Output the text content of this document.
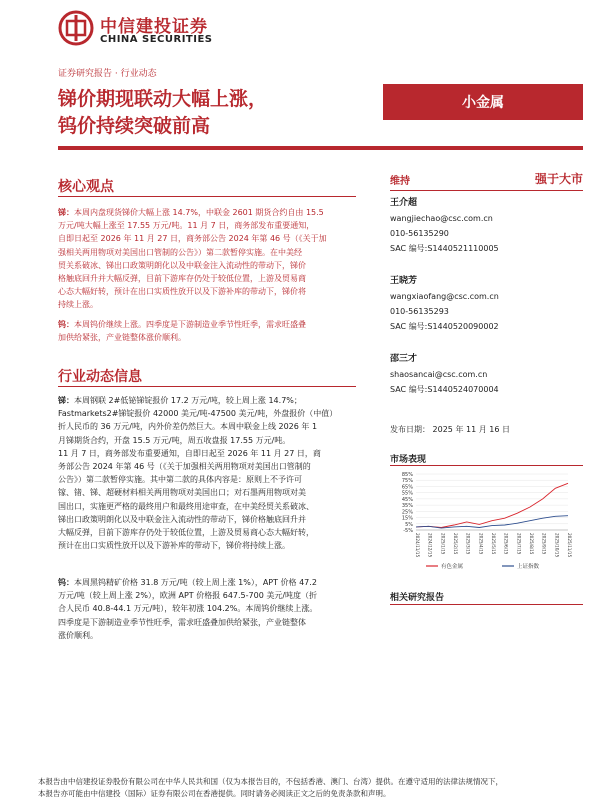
中信建投证券
CHINA SECURITIES
证券研究报告 · 行业动态
锑价期现联动大幅上涨，
钨价持续突破前高
小金属
核心观点
锑：本周内盘现货锑价大幅上涨 14.7%，中联金 2601 期货合约自由 15.5
万元/吨大幅上涨至 17.55 万元/吨。11 月 7 日，商务部发布重要通知，
自即日起至 2026 年 11 月 27 日，商务部公告 2024 年第 46 号（《关于加
强相关两用物项对美国出口管制的公告》）第二款暂停实施。在中美经
贸关系破冰、锑出口政策明朗化以及中联金注入流动性的带动下，锑价
格触底回升并大幅反弹，目前下游库存仍处于较低位置，上游及贸易商
心态大幅好转，预计在出口实质性放开以及下游补库的带动下，锑价将
持续上涨。
钨：本周钨价继续上涨。四季度是下游制造业季节性旺季，需求旺盛叠
加供给紧张，产业链整体涨价顺利。
行业动态信息
锑：本周钢联 2#低铋锑锭报价 17.2 万元/吨，较上周上涨 14.7%；
Fastmarkets2#锑锭报价 42000 美元/吨-47500 美元/吨，外盘报价（中值）
折人民币的 36 万元/吨，内外价差仍然巨大。本周中联金上线 2026 年 1
月锑期货合约，开盘 15.5 万元/吨，周五收盘报 17.55 万元/吨。
11 月 7 日，商务部发布重要通知，自即日起至 2026 年 11 月 27 日，商
务部公告 2024 年第 46 号（《关于加强相关两用物项对美国出口管制的
公告》）第二款暂停实施。其中第二款的具体内容是：原则上不予许可
镓、锗、锑、超硬材料相关两用物项对美国出口；对石墨两用物项对美
国出口，实施更严格的最终用户和最终用途审查，在中美经贸关系破冰、
锑出口政策明朗化以及中联金注入流动性的带动下，锑价格触底回升并
大幅反弹，目前下游库存仍处于较低位置，上游及贸易商心态大幅好转，
预计在出口实质性放开以及下游补库的带动下，锑价将持续上涨。
钨：本周黑钨精矿价格 31.8 万元/吨（较上周上涨 1%），APT 价格 47.2
万元/吨（较上周上涨 2%），欧洲 APT 价格报 647.5-700 美元/吨度（折
合人民币 40.8-44.1 万元/吨），较年初涨 104.2%。本周钨价继续上涨。
四季度是下游制造业季节性旺季，需求旺盛叠加供给紧张，产业链整体
涨价顺利。
维持	强于大市
王介超
wangjiechao@csc.com.cn
010-56135290
SAC 编号:S1440521110005
王晓芳
wangxiaofang@csc.com.cn
010-56135293
SAC 编号:S1440520090002
邵三才
shaosancai@csc.com.cn
SAC 编号:S1440524070004
发布日期： 2025 年 11 月 16 日
市场表现
85%
75%
65%
55%
45%
35%
25%
15%
5%
-5%
2024/11/15 2024/12/15 2025/1/15 2025/2/15 2025/3/15 2025/4/15 2025/5/15 2025/6/15 2025/7/15 2025/8/15 2025/9/15 2025/10/15 2025/11/15
有色金属	上证指数
相关研究报告
本报告由中信建投证券股份有限公司在中华人民共和国（仅为本报告目的，不包括香港、澳门、台湾）提供。在遵守适用的法律法规情况下，
本报告亦可能由中信建投（国际）证券有限公司在香港提供。同时请务必阅读正文之后的免责条款和声明。
